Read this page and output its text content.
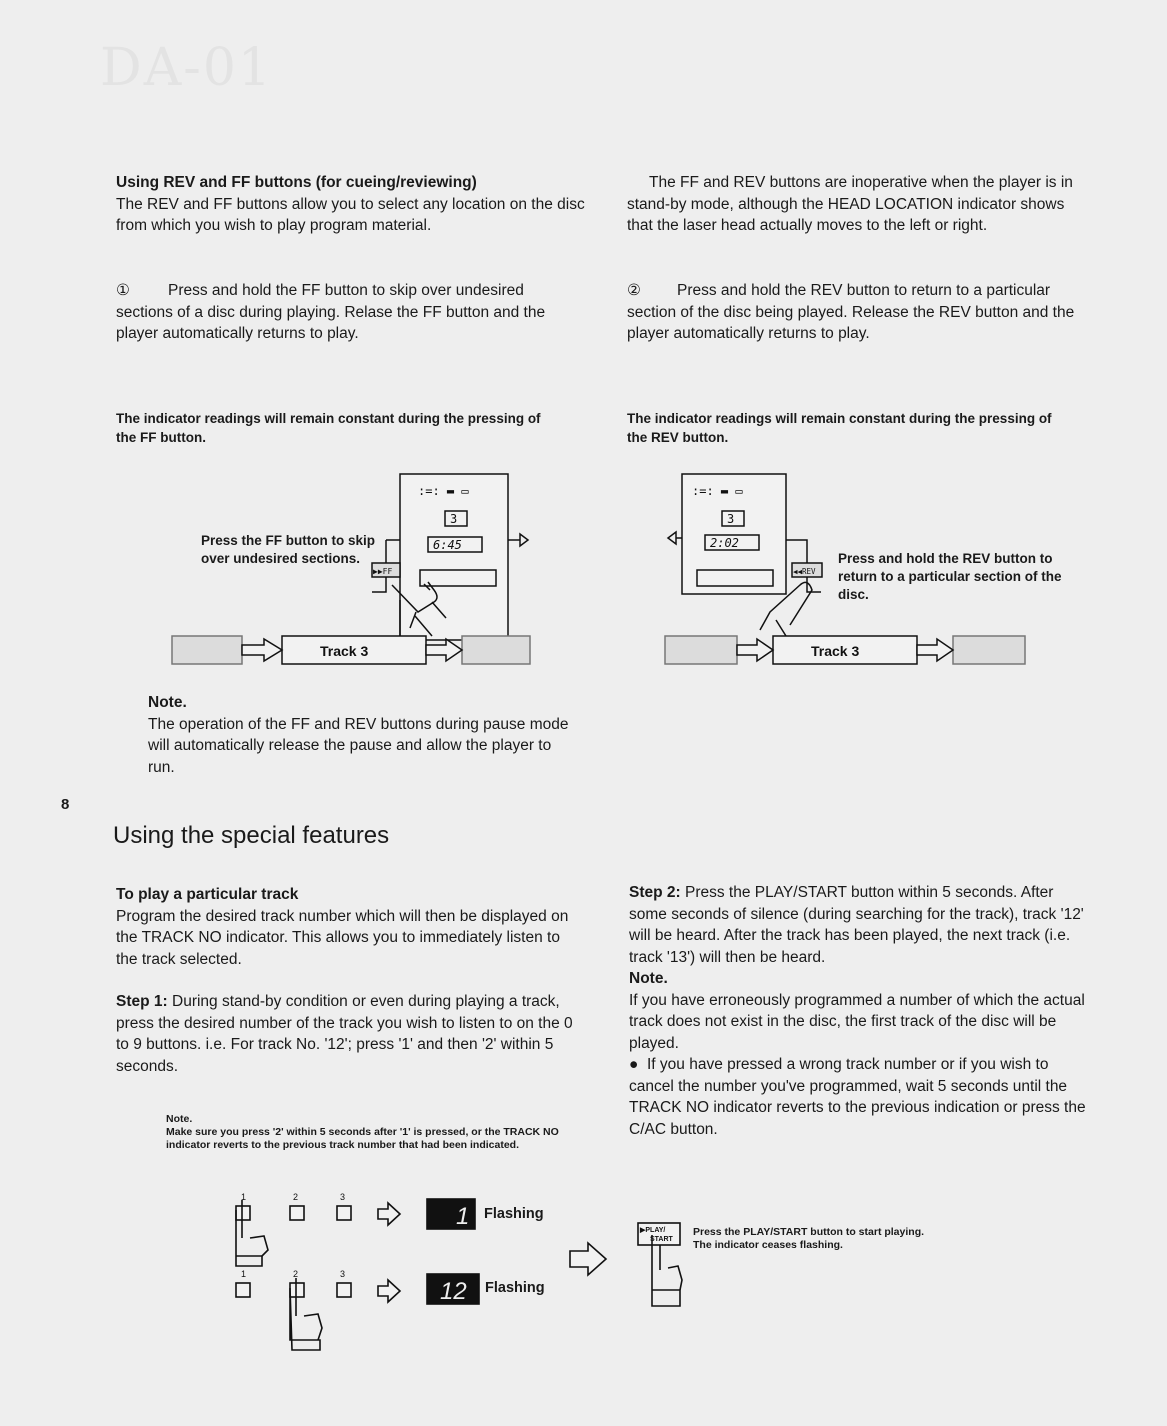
DA-01

Using REV and FF buttons (for cueing/reviewing)

The REV and FF buttons allow you to select any location on the disc from which you wish to play program material.

① Press and hold the FF button to skip over undesired sections of a disc during playing. Relase the FF button and the player automatically returns to play.

The FF and REV buttons are inoperative when the player is in stand-by mode, although the HEAD LOCATION indicator shows that the laser head actually moves to the left or right.

② Press and hold the REV button to return to a particular section of the disc being played. Release the REV button and the player automatically returns to play.

The indicator readings will remain constant during the pressing of the FF button.
The indicator readings will remain constant during the pressing of the REV button.
:=: ▬ ▭
3
6:45
▶▶FF
Track 3
Press the FF button to skip over undesired sections.
:=: ▬ ▭
3
2:02
◀◀REV
Track 3
Press and hold the REV button to return to a particular section of the disc.

Note.

The operation of the FF and REV buttons during pause mode will automatically release the pause and allow the player to run.

8
Using the special features

To play a particular track

Program the desired track number which will then be displayed on the TRACK NO indicator. This allows you to immediately listen to the track selected.

Step 1: During stand-by condition or even during playing a track, press the desired number of the track you wish to listen to on the 0 to 9 buttons. i.e. For track No. '12'; press '1' and then '2' within 5 seconds.

Step 2: Press the PLAY/START button within 5 seconds. After some seconds of silence (during searching for the track), track '12' will be heard. After the track has been played, the next track (i.e. track '13') will then be heard.

Note.

If you have erroneously programmed a number of which the actual track does not exist in the disc, the first track of the disc will be played.

●  If you have pressed a wrong track number or if you wish to cancel the number you've programmed, wait 5 seconds until the TRACK NO indicator reverts to the previous indication or press the C/AC button.

Note.

Make sure you press '2' within 5 seconds after '1' is pressed, or the TRACK NO indicator reverts to the previous track number that had been indicated.

1	2	3
1	2	3
1
12
▶PLAY/
START
Flashing
Flashing
Press the PLAY/START button to start playing. The indicator ceases flashing.
